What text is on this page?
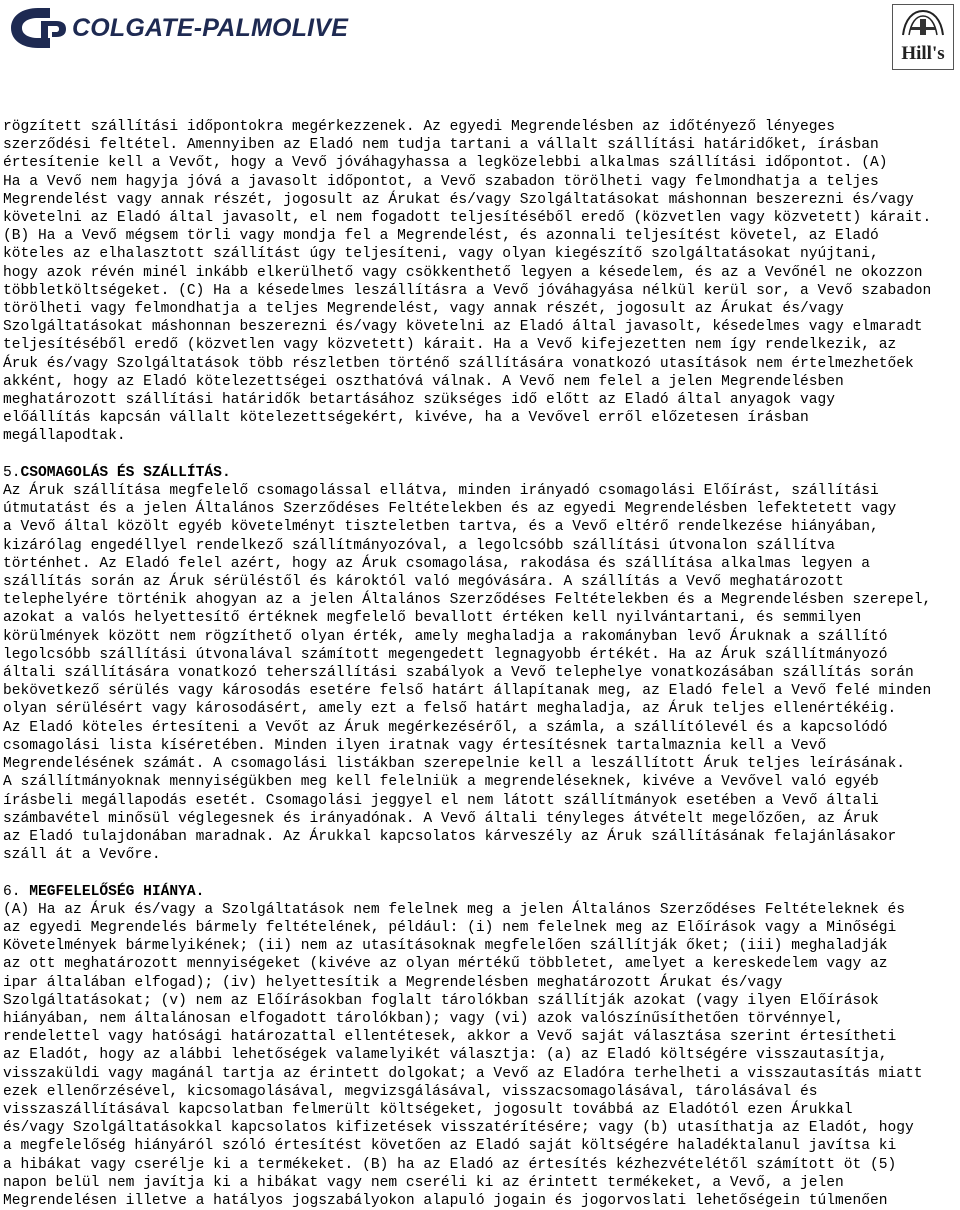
COLGATE-PALMOLIVE
Hill's

rögzített szállítási időpontokra megérkezzenek. Az egyedi Megrendelésben az időtényező lényeges
szerződési feltétel. Amennyiben az Eladó nem tudja tartani a vállalt szállítási határidőket, írásban
értesítenie kell a Vevőt, hogy a Vevő jóváhagyhassa a legközelebbi alkalmas szállítási időpontot. (A)
Ha a Vevő nem hagyja jóvá a javasolt időpontot, a Vevő szabadon törölheti vagy felmondhatja a teljes
Megrendelést vagy annak részét, jogosult az Árukat és/vagy Szolgáltatásokat máshonnan beszerezni és/vagy
követelni az Eladó által javasolt, el nem fogadott teljesítéséből eredő (közvetlen vagy közvetett) kárait.
(B) Ha a Vevő mégsem törli vagy mondja fel a Megrendelést, és azonnali teljesítést követel, az Eladó
köteles az elhalasztott szállítást úgy teljesíteni, vagy olyan kiegészítő szolgáltatásokat nyújtani,
hogy azok révén minél inkább elkerülhető vagy csökkenthető legyen a késedelem, és az a Vevőnél ne okozzon
többletköltségeket. (C) Ha a késedelmes leszállításra a Vevő jóváhagyása nélkül kerül sor, a Vevő szabadon
törölheti vagy felmondhatja a teljes Megrendelést, vagy annak részét, jogosult az Árukat és/vagy
Szolgáltatásokat máshonnan beszerezni és/vagy követelni az Eladó által javasolt, késedelmes vagy elmaradt
teljesítéséből eredő (közvetlen vagy közvetett) kárait. Ha a Vevő kifejezetten nem így rendelkezik, az
Áruk és/vagy Szolgáltatások több részletben történő szállítására vonatkozó utasítások nem értelmezhetőek
akként, hogy az Eladó kötelezettségei oszthatóvá válnak. A Vevő nem felel a jelen Megrendelésben
meghatározott szállítási határidők betartásához szükséges idő előtt az Eladó által anyagok vagy
előállítás kapcsán vállalt kötelezettségekért, kivéve, ha a Vevővel erről előzetesen írásban
megállapodtak.

5.CSOMAGOLÁS ÉS SZÁLLÍTÁS.

Az Áruk szállítása megfelelő csomagolással ellátva, minden irányadó csomagolási Előírást, szállítási
útmutatást és a jelen Általános Szerződéses Feltételekben és az egyedi Megrendelésben lefektetett vagy
a Vevő által közölt egyéb követelményt tiszteletben tartva, és a Vevő eltérő rendelkezése hiányában,
kizárólag engedéllyel rendelkező szállítmányozóval, a legolcsóbb szállítási útvonalon szállítva
történhet. Az Eladó felel azért, hogy az Áruk csomagolása, rakodása és szállítása alkalmas legyen a
szállítás során az Áruk sérüléstől és károktól való megóvására. A szállítás a Vevő meghatározott
telephelyére történik ahogyan az a jelen Általános Szerződéses Feltételekben és a Megrendelésben szerepel,
azokat a valós helyettesítő értéknek megfelelő bevallott értéken kell nyilvántartani, és semmilyen
körülmények között nem rögzíthető olyan érték, amely meghaladja a rakományban levő Áruknak a szállító
legolcsóbb szállítási útvonalával számított megengedett legnagyobb értékét. Ha az Áruk szállítmányozó
általi szállítására vonatkozó teherszállítási szabályok a Vevő telephelye vonatkozásában szállítás során
bekövetkező sérülés vagy károsodás esetére felső határt állapítanak meg, az Eladó felel a Vevő felé minden
olyan sérülésért vagy károsodásért, amely ezt a felső határt meghaladja, az Áruk teljes ellenértékéig.
Az Eladó köteles értesíteni a Vevőt az Áruk megérkezéséről, a számla, a szállítólevél és a kapcsolódó
csomagolási lista kíséretében. Minden ilyen iratnak vagy értesítésnek tartalmaznia kell a Vevő
Megrendelésének számát. A csomagolási listákban szerepelnie kell a leszállított Áruk teljes leírásának.
A szállítmányoknak mennyiségükben meg kell felelniük a megrendeléseknek, kivéve a Vevővel való egyéb
írásbeli megállapodás esetét. Csomagolási jeggyel el nem látott szállítmányok esetében a Vevő általi
számbavétel minősül véglegesnek és irányadónak. A Vevő általi tényleges átvételt megelőzően, az Áruk
az Eladó tulajdonában maradnak. Az Árukkal kapcsolatos kárveszély az Áruk szállításának felajánlásakor
száll át a Vevőre.

6. MEGFELELŐSÉG HIÁNYA.

(A) Ha az Áruk és/vagy a Szolgáltatások nem felelnek meg a jelen Általános Szerződéses Feltételeknek és
az egyedi Megrendelés bármely feltételének, például: (i) nem felelnek meg az Előírások vagy a Minőségi
Követelmények bármelyikének; (ii) nem az utasításoknak megfelelően szállítják őket; (iii) meghaladják
az ott meghatározott mennyiségeket (kivéve az olyan mértékű többletet, amelyet a kereskedelem vagy az
ipar általában elfogad); (iv) helyettesítik a Megrendelésben meghatározott Árukat és/vagy
Szolgáltatásokat; (v) nem az Előírásokban foglalt tárolókban szállítják azokat (vagy ilyen Előírások
hiányában, nem általánosan elfogadott tárolókban); vagy (vi) azok valószínűsíthetően törvénnyel,
rendelettel vagy hatósági határozattal ellentétesek, akkor a Vevő saját választása szerint értesítheti
az Eladót, hogy az alábbi lehetőségek valamelyikét választja: (a) az Eladó költségére visszautasítja,
visszaküldi vagy magánál tartja az érintett dolgokat; a Vevő az Eladóra terhelheti a visszautasítás miatt
ezek ellenőrzésével, kicsomagolásával, megvizsgálásával, visszacsomagolásával, tárolásával és
visszaszállításával kapcsolatban felmerült költségeket, jogosult továbbá az Eladótól ezen Árukkal
és/vagy Szolgáltatásokkal kapcsolatos kifizetések visszatérítésére; vagy (b) utasíthatja az Eladót, hogy
a megfelelőség hiányáról szóló értesítést követően az Eladó saját költségére haladéktalanul javítsa ki
a hibákat vagy cserélje ki a termékeket. (B) ha az Eladó az értesítés kézhezvételétől számított öt (5)
napon belül nem javítja ki a hibákat vagy nem cseréli ki az érintett termékeket, a Vevő, a jelen
Megrendelésen illetve a hatályos jogszabályokon alapuló jogain és jogorvoslati lehetőségein túlmenően
